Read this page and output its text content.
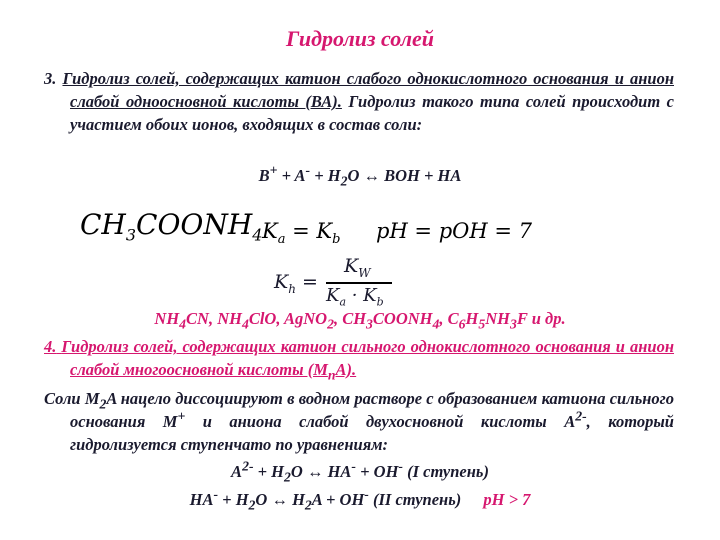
Гидролиз солей
3. Гидролиз солей, содержащих катион слабого однокислотного основания и анион слабой одноосновной кислоты (ВА). Гидролиз такого типа солей происходит с участием обоих ионов, входящих в состав соли:
$B^+ + A^- + H_2O$ ↔ BOH + HA
$CH_3COONH_4$ $K_a = K_b$ pH = pOH = 7
$K_h$ =
$K_W$
$K_a \cdot K_b$
$NH_4CN$, $NH_4ClO$, AgNO$_2$, $CH_3COONH_4$, $C_6H_5NH_3F$ и др.
4. Гидролиз солей, содержащих катион сильного однокислотного основания и анион слабой многоосновной кислоты $(M_nA)$.
Соли $M_2A$ нацело диссоциируют в водном растворе с образованием катиона сильного основания M+ и аниона слабой двухосновной кислоты $A^{2-}$, который гидролизуется ступенчато по уравнениям:
$A^{2-} + H_2O$ ↔ HA- + OH- (I ступень)
$HA^- + H_2O$ ↔ $H_2A + OH^-$ (II ступень) pH > 7
